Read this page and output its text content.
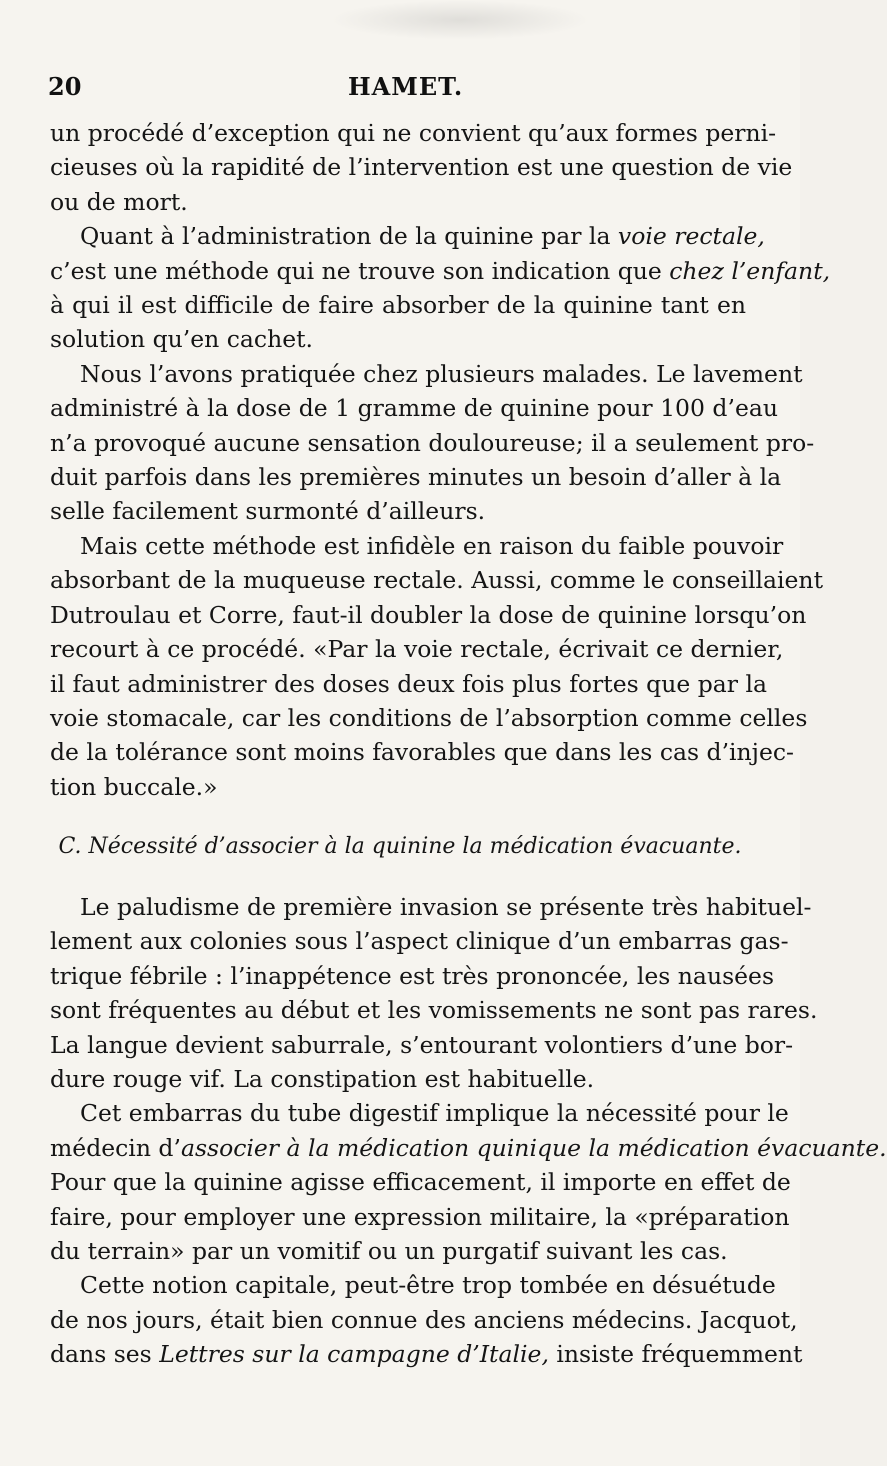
20	HAMET.
un procédé d’exception qui ne convient qu’aux formes perni-
cieuses où la rapidité de l’intervention est une question de vie
ou de mort.
Quant à l’administration de la quinine par la voie rectale,
c’est une méthode qui ne trouve son indication que chez l’enfant,
à qui il est difficile de faire absorber de la quinine tant en
solution qu’en cachet.
Nous l’avons pratiquée chez plusieurs malades. Le lavement
administré à la dose de 1 gramme de quinine pour 100 d’eau
n’a provoqué aucune sensation douloureuse; il a seulement pro-
duit parfois dans les premières minutes un besoin d’aller à la
selle facilement surmonté d’ailleurs.
Mais cette méthode est infidèle en raison du faible pouvoir
absorbant de la muqueuse rectale. Aussi, comme le conseillaient
Dutroulau et Corre, faut-il doubler la dose de quinine lorsqu’on
recourt à ce procédé. «Par la voie rectale, écrivait ce dernier,
il faut administrer des doses deux fois plus fortes que par la
voie stomacale, car les conditions de l’absorption comme celles
de la tolérance sont moins favorables que dans les cas d’injec-
tion buccale.»
C. Nécessité d’associer à la quinine la médication évacuante.
Le paludisme de première invasion se présente très habituel-
lement aux colonies sous l’aspect clinique d’un embarras gas-
trique fébrile : l’inappétence est très prononcée, les nausées
sont fréquentes au début et les vomissements ne sont pas rares.
La langue devient saburrale, s’entourant volontiers d’une bor-
dure rouge vif. La constipation est habituelle.
Cet embarras du tube digestif implique la nécessité pour le
médecin d’associer à la médication quinique la médication évacuante.
Pour que la quinine agisse efficacement, il importe en effet de
faire, pour employer une expression militaire, la «préparation
du terrain» par un vomitif ou un purgatif suivant les cas.
Cette notion capitale, peut-être trop tombée en désuétude
de nos jours, était bien connue des anciens médecins. Jacquot,
dans ses Lettres sur la campagne d’Italie, insiste fréquemment
